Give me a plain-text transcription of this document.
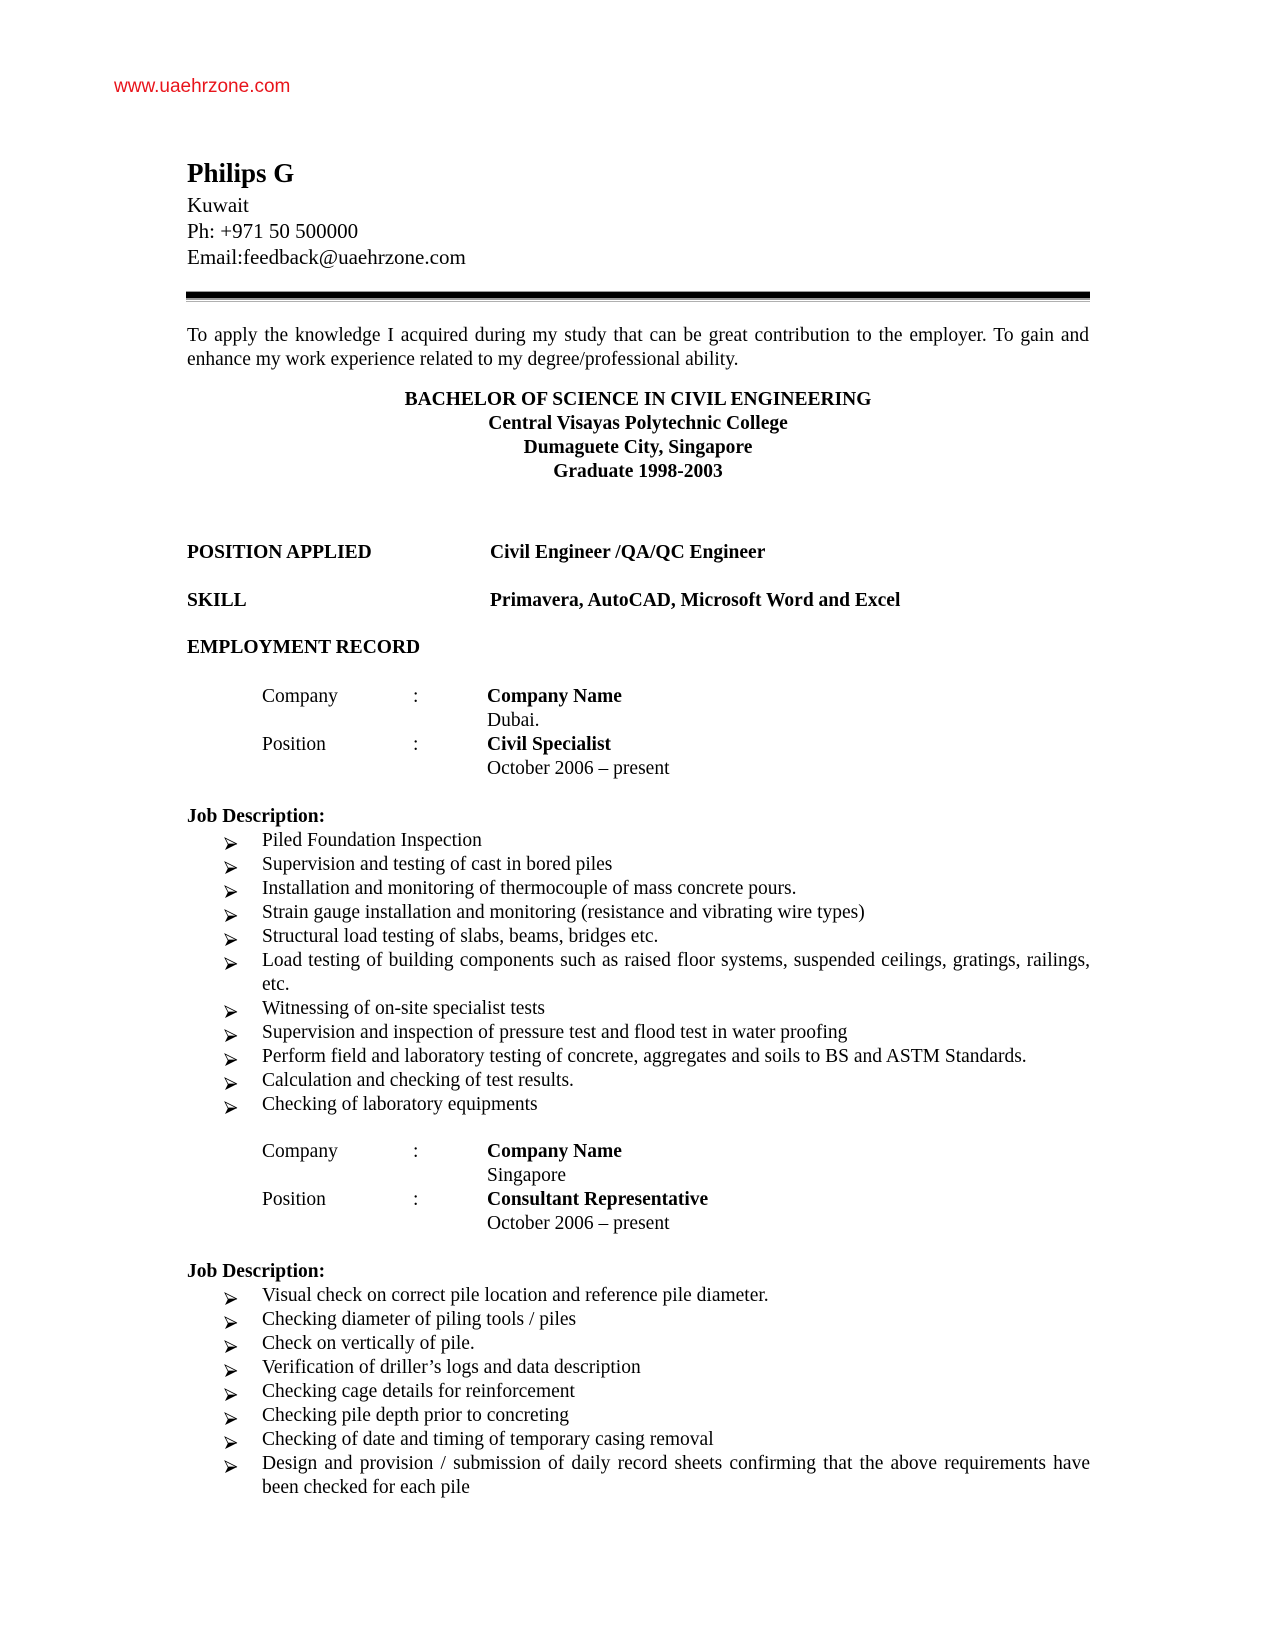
www.uaehrzone.com
Philips G
Kuwait
Ph: +971 50 500000
Email:feedback@uaehrzone.com
To apply the knowledge I acquired during my study that can be great contribution to the employer. To gain and enhance my work experience related to my degree/professional ability.
BACHELOR OF SCIENCE IN CIVIL ENGINEERING
Central Visayas Polytechnic College
Dumaguete City, Singapore
Graduate 1998-2003
POSITION APPLIED	Civil Engineer /QA/QC Engineer
SKILL	Primavera, AutoCAD, Microsoft Word and Excel
EMPLOYMENT RECORD
Company	:	Company Name
Dubai.
Position	:	Civil Specialist
October 2006 – present
Job Description:
Piled Foundation Inspection
Supervision and testing of cast in bored piles
Installation and monitoring of thermocouple of mass concrete pours.
Strain gauge installation and monitoring (resistance and vibrating wire types)
Structural load testing of slabs, beams, bridges etc.
Load testing of building components such as raised floor systems, suspended ceilings, gratings, railings, etc.
Witnessing of on-site specialist tests
Supervision and inspection of pressure test and flood test in water proofing
Perform field and laboratory testing of concrete, aggregates and soils to BS and ASTM Standards.
Calculation and checking of test results.
Checking of laboratory equipments
Company	:	Company Name
Singapore
Position	:	Consultant Representative
October 2006 – present
Job Description:
Visual check on correct pile location and reference pile diameter.
Checking diameter of piling tools / piles
Check on vertically of pile.
Verification of driller’s logs and data description
Checking cage details for reinforcement
Checking pile depth prior to concreting
Checking of date and timing of temporary casing removal
Design and provision / submission of daily record sheets confirming that the above requirements have been checked for each pile
